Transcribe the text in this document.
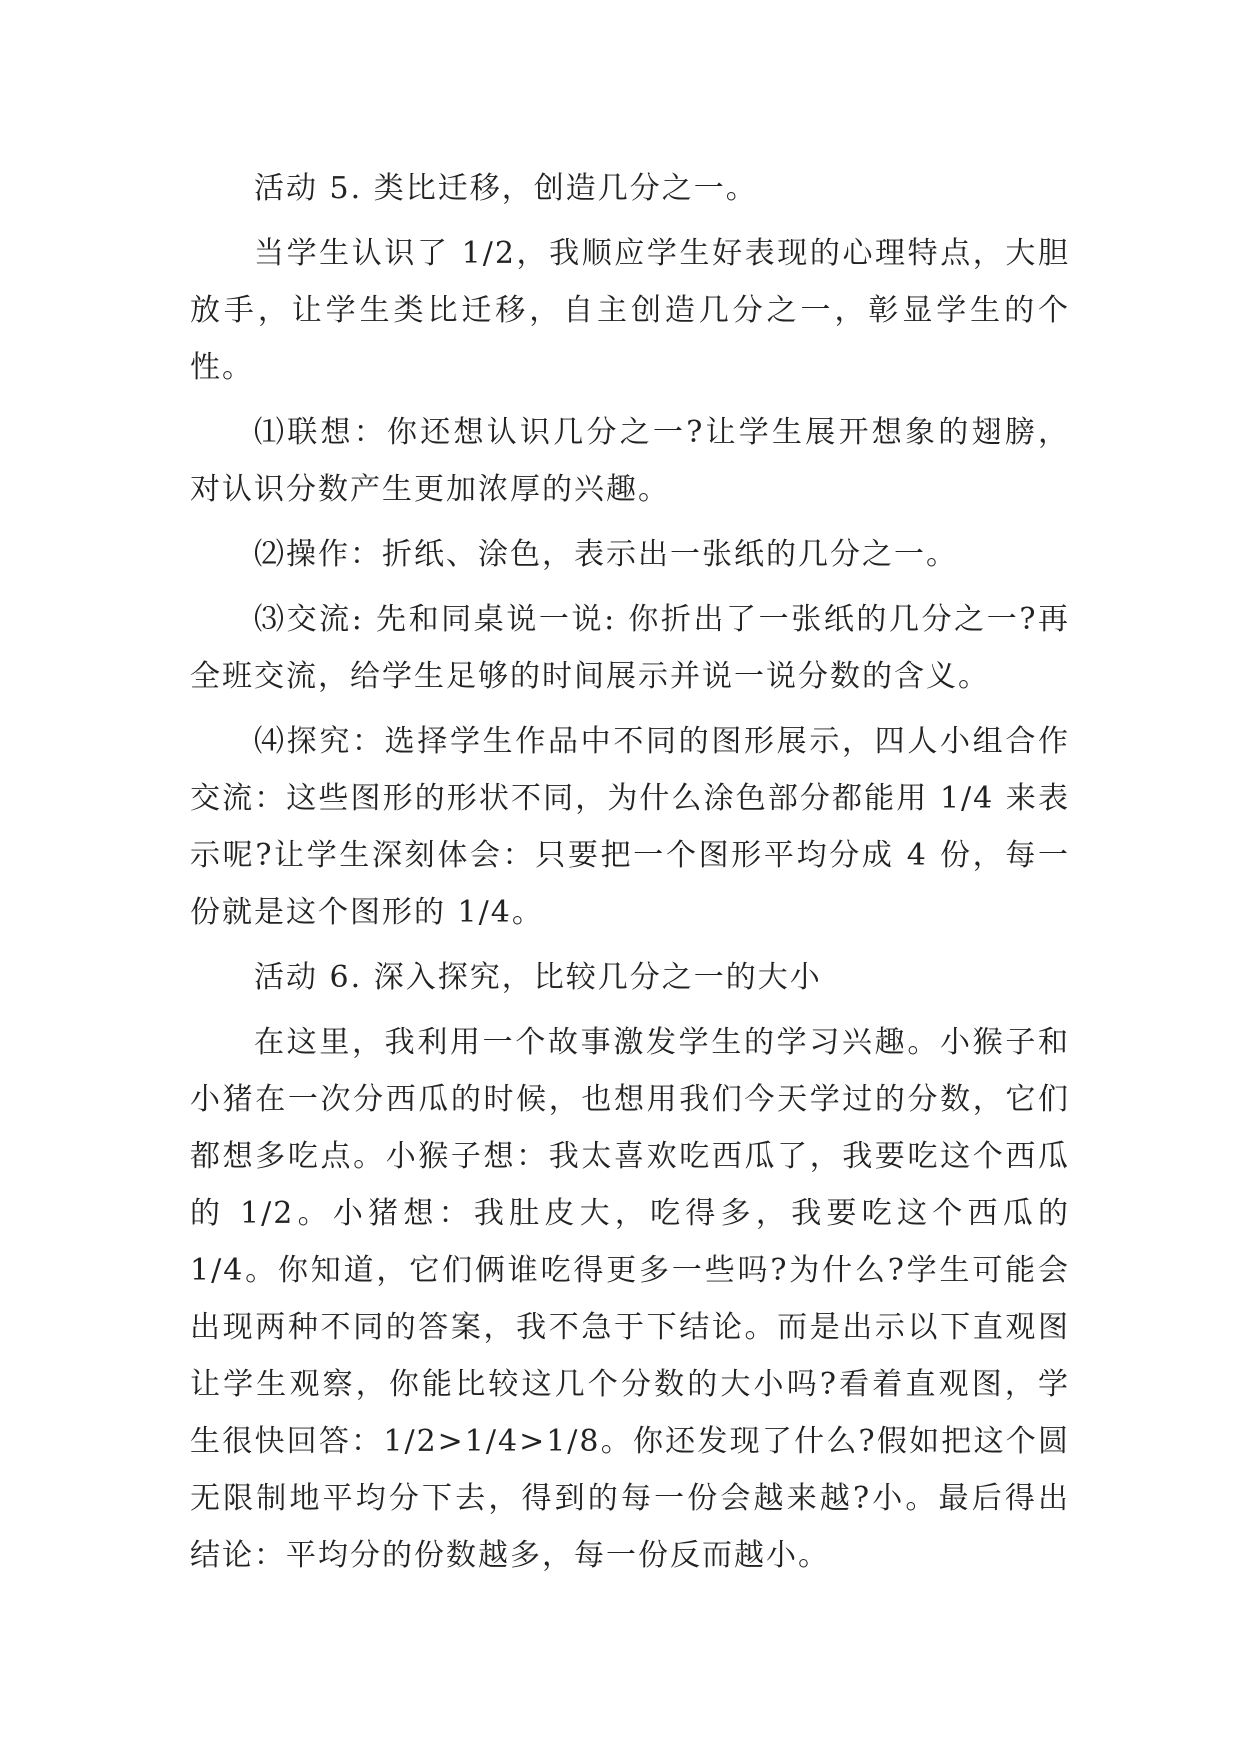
活动 5. 类比迁移，创造几分之一。

当学生认识了 1/2，我顺应学生好表现的心理特点，大胆放手，让学生类比迁移，自主创造几分之一，彰显学生的个性。

⑴联想：你还想认识几分之一?让学生展开想象的翅膀，对认识分数产生更加浓厚的兴趣。

⑵操作：折纸、涂色，表示出一张纸的几分之一。

⑶交流: 先和同桌说一说: 你折出了一张纸的几分之一?再全班交流，给学生足够的时间展示并说一说分数的含义。

⑷探究：选择学生作品中不同的图形展示，四人小组合作交流：这些图形的形状不同，为什么涂色部分都能用 1/4 来表示呢?让学生深刻体会：只要把一个图形平均分成 4 份，每一份就是这个图形的 1/4。

活动 6. 深入探究，比较几分之一的大小

在这里，我利用一个故事激发学生的学习兴趣。小猴子和小猪在一次分西瓜的时候，也想用我们今天学过的分数，它们都想多吃点。小猴子想：我太喜欢吃西瓜了，我要吃这个西瓜的 1/2。小猪想：我肚皮大，吃得多，我要吃这个西瓜的 1/4。你知道，它们俩谁吃得更多一些吗?为什么?学生可能会出现两种不同的答案，我不急于下结论。而是出示以下直观图让学生观察，你能比较这几个分数的大小吗?看着直观图，学生很快回答：1/2>1/4>1/8。你还发现了什么?假如把这个圆无限制地平均分下去，得到的每一份会越来越?小。最后得出结论：平均分的份数越多，每一份反而越小。
